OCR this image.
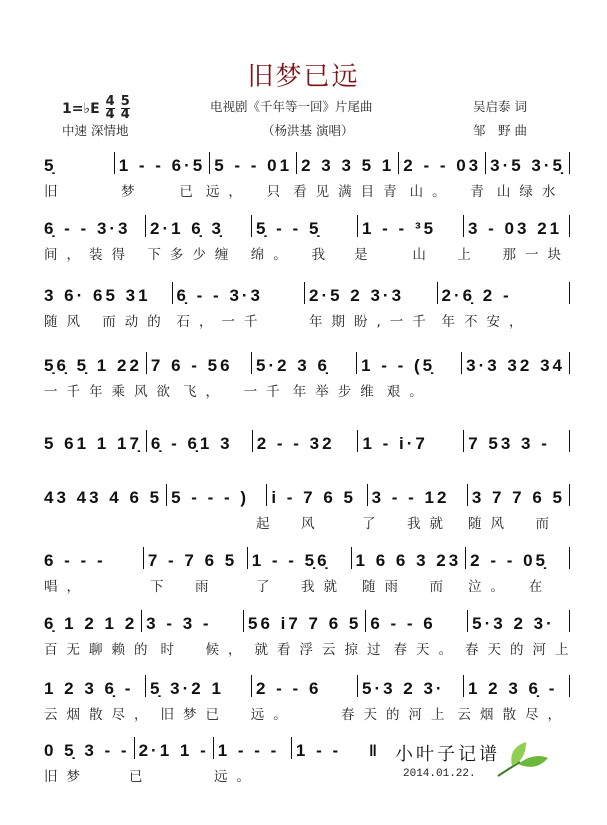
旧梦已远
1=♭E $\frac{4}{4} \frac{5}{4}$
中速 深情地
电视剧《千年等一回》片尾曲
（杨洪基 演唱）
吴启泰 词
邹　野 曲
5̣	1 - - 6·5 5 - - 01 2 3 3 5 1 2 - - 03 3·5 3·5̣
旧	梦　 已 远，　只 看见满目青 山。　青 山绿水
6̣ - - 3·3	2·1 6̣ 3̣	5̣ - - 5̣	1 - - ³5	3 - 03 21
间，装得 下多少缠 绵。　我	是　 山	上　那一块
3 6· 65 31	6̣ - - 3·3	2·5 2 3·3	2·6̣ 2 -
随风 而动的 石，一千	年期盼,一千 年不安，
5̣6̣ 5̣ 1 22 7 6 - 56	5·2 3 6̣	1 - - (5̣	3·3 32 34
一千年乘风欲 飞，　一千 年举步维 艰。
5 61 1 17̣ 6̣ - 6̣1 3	2 - - 32	1 - i·7	7 53 3 -
43 43 4 6 5 5 - - - )	i - 7 6 5 3 - - 12	3 7 7 6 5
起　风	了　我就	随风　而
6 - - -	7 - 7 6 5 1 - - 5̣6̣	1 6 6 3 23 2 - - 05̣
唱，	下　雨	了　我就	随雨　而	泣。　在
6̣ 1 2 1 2 3 - 3 -	56 i7 7 6 5 6 - - 6	5·3 2 3·
百无聊赖的 时　候， 就看浮云掠过 春天。 春天的河上
1 2 3 6̣ - 5̣ 3·2 1	2 - - 6	5·3 2 3·	1 2 3 6̣ -
云烟散尽， 旧梦已	远。	春天的河上 云烟散尽，
0 5̣ 3 - - 2·1 1 - 1 - - - 1 - -	‖
旧梦	已	远。
小叶子记谱
2014.01.22.
